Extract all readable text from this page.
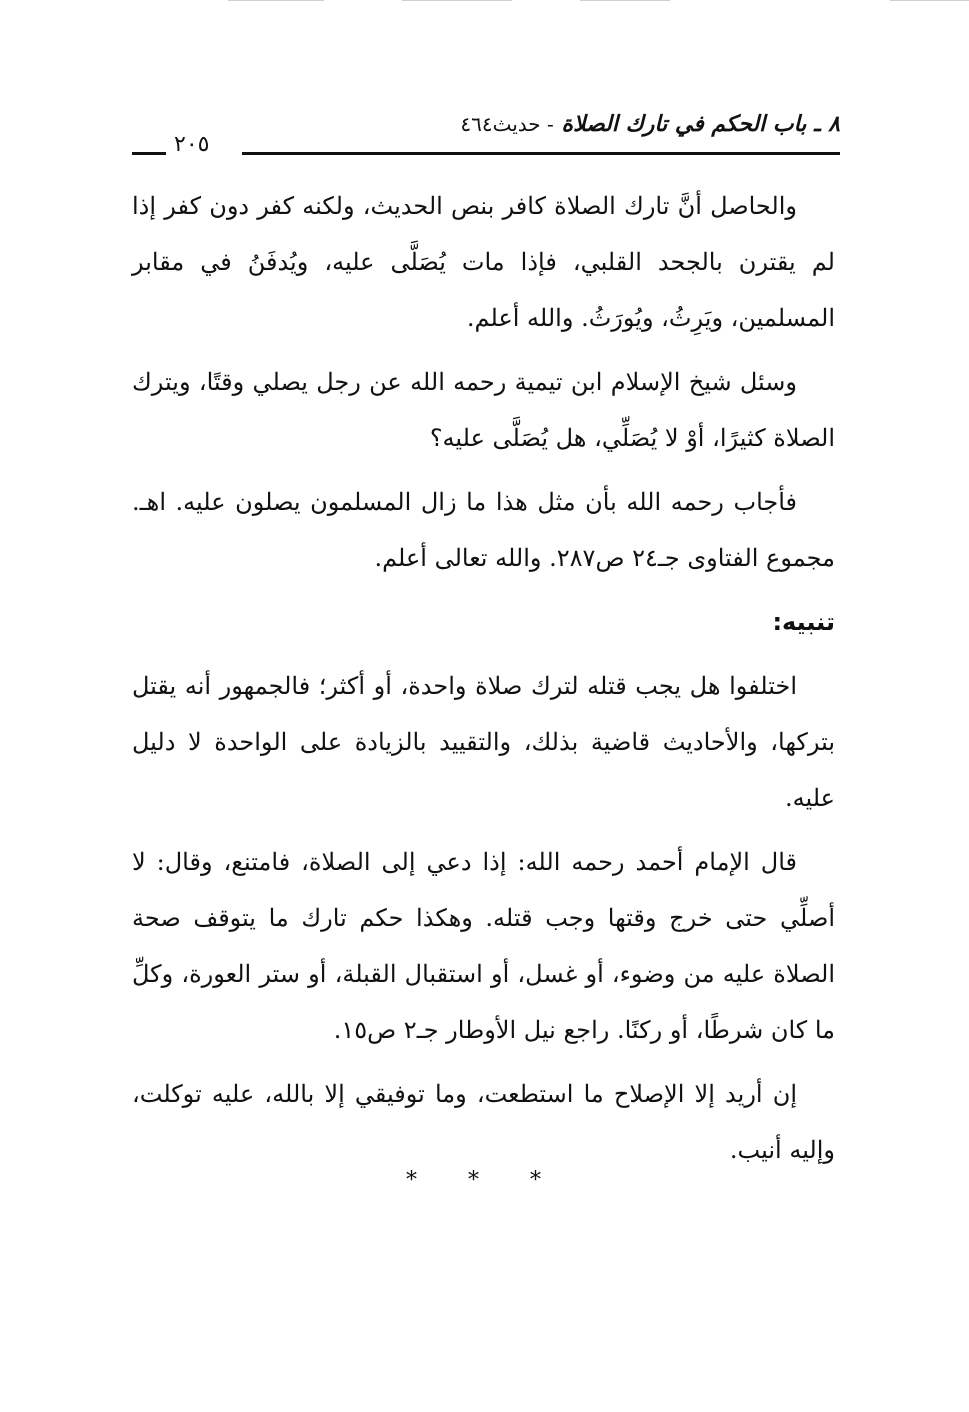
٨ ـ باب الحكم في تارك الصلاة - حديث٤٦٤
٢٠٥

والحاصل أنَّ تارك الصلاة كافر بنص الحديث، ولكنه كفر دون كفر إذا لم يقترن بالجحد القلبي، فإذا مات يُصَلَّى عليه، ويُدفَنُ في مقابر المسلمين، ويَرِثُ، ويُورَثُ. والله أعلم.

وسئل شيخ الإسلام ابن تيمية رحمه الله عن رجل يصلي وقتًا، ويترك الصلاة كثيرًا، أوْ لا يُصَلِّي، هل يُصَلَّى عليه؟

فأجاب رحمه الله بأن مثل هذا ما زال المسلمون يصلون عليه. اهـ. مجموع الفتاوى جـ٢٤ ص٢٨٧. والله تعالى أعلم.

تنبيه:

اختلفوا هل يجب قتله لترك صلاة واحدة، أو أكثر؛ فالجمهور أنه يقتل بتركها، والأحاديث قاضية بذلك، والتقييد بالزيادة على الواحدة لا دليل عليه.

قال الإمام أحمد رحمه الله: إذا دعي إلى الصلاة، فامتنع، وقال: لا أصلِّي حتى خرج وقتها وجب قتله. وهكذا حكم تارك ما يتوقف صحة الصلاة عليه من وضوء، أو غسل، أو استقبال القبلة، أو ستر العورة، وكلِّ ما كان شرطًا، أو ركنًا. راجع نيل الأوطار جـ٢ ص١٥.

إن أريد إلا الإصلاح ما استطعت، وما توفيقي إلا بالله، عليه توكلت، وإليه أنيب.

* * *
